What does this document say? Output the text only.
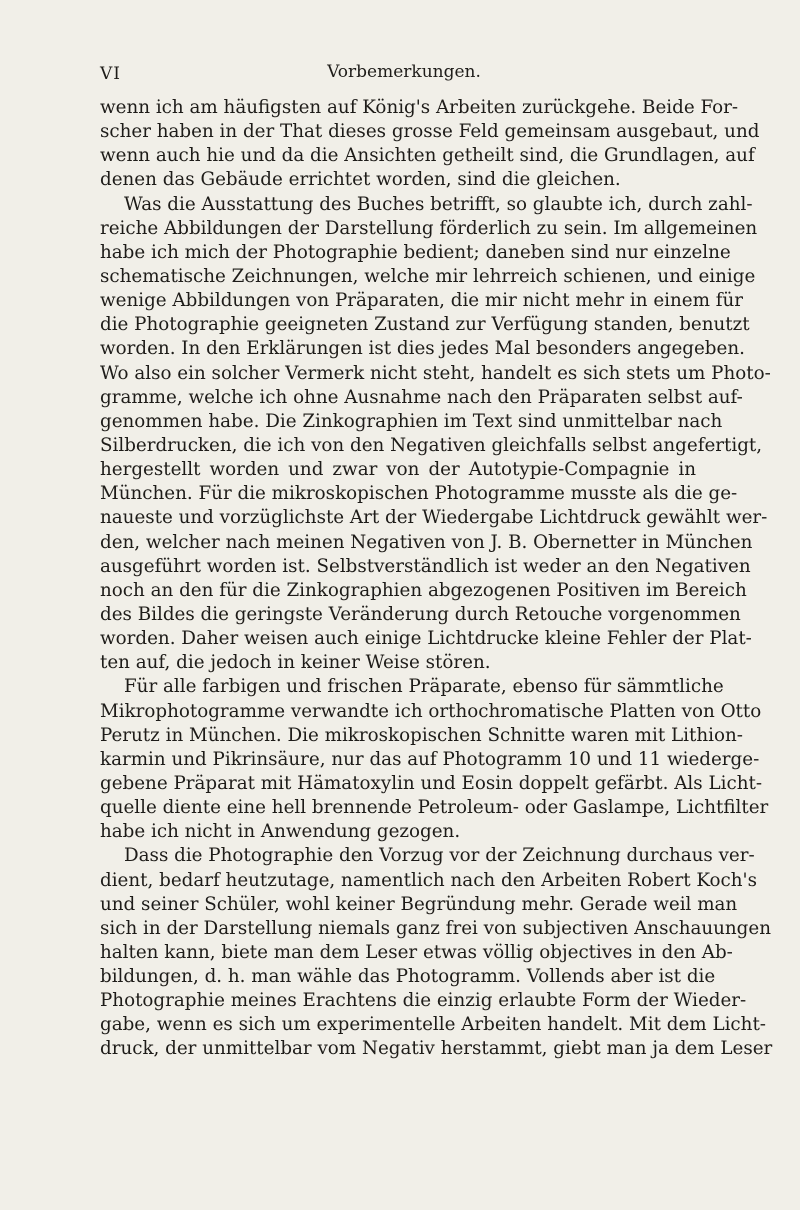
VI	Vorbemerkungen.
wenn ich am häufigsten auf König's Arbeiten zurückgehe. Beide For-
scher haben in der That dieses grosse Feld gemeinsam ausgebaut, und
wenn auch hie und da die Ansichten getheilt sind, die Grundlagen, auf
denen das Gebäude errichtet worden, sind die gleichen.
Was die Ausstattung des Buches betrifft, so glaubte ich, durch zahl-
reiche Abbildungen der Darstellung förderlich zu sein. Im allgemeinen
habe ich mich der Photographie bedient; daneben sind nur einzelne
schematische Zeichnungen, welche mir lehrreich schienen, und einige
wenige Abbildungen von Präparaten, die mir nicht mehr in einem für
die Photographie geeigneten Zustand zur Verfügung standen, benutzt
worden. In den Erklärungen ist dies jedes Mal besonders angegeben.
Wo also ein solcher Vermerk nicht steht, handelt es sich stets um Photo-
gramme, welche ich ohne Ausnahme nach den Präparaten selbst auf-
genommen habe. Die Zinkographien im Text sind unmittelbar nach
Silberdrucken, die ich von den Negativen gleichfalls selbst angefertigt,
hergestellt worden und zwar von der Autotypie-Compagnie in
München. Für die mikroskopischen Photogramme musste als die ge-
naueste und vorzüglichste Art der Wiedergabe Lichtdruck gewählt wer-
den, welcher nach meinen Negativen von J. B. Obernetter in München
ausgeführt worden ist. Selbstverständlich ist weder an den Negativen
noch an den für die Zinkographien abgezogenen Positiven im Bereich
des Bildes die geringste Veränderung durch Retouche vorgenommen
worden. Daher weisen auch einige Lichtdrucke kleine Fehler der Plat-
ten auf, die jedoch in keiner Weise stören.
Für alle farbigen und frischen Präparate, ebenso für sämmtliche
Mikrophotogramme verwandte ich orthochromatische Platten von Otto
Perutz in München. Die mikroskopischen Schnitte waren mit Lithion-
karmin und Pikrinsäure, nur das auf Photogramm 10 und 11 wiederge-
gebene Präparat mit Hämatoxylin und Eosin doppelt gefärbt. Als Licht-
quelle diente eine hell brennende Petroleum- oder Gaslampe, Lichtfilter
habe ich nicht in Anwendung gezogen.
Dass die Photographie den Vorzug vor der Zeichnung durchaus ver-
dient, bedarf heutzutage, namentlich nach den Arbeiten Robert Koch's
und seiner Schüler, wohl keiner Begründung mehr. Gerade weil man
sich in der Darstellung niemals ganz frei von subjectiven Anschauungen
halten kann, biete man dem Leser etwas völlig objectives in den Ab-
bildungen, d. h. man wähle das Photogramm. Vollends aber ist die
Photographie meines Erachtens die einzig erlaubte Form der Wieder-
gabe, wenn es sich um experimentelle Arbeiten handelt. Mit dem Licht-
druck, der unmittelbar vom Negativ herstammt, giebt man ja dem Leser
